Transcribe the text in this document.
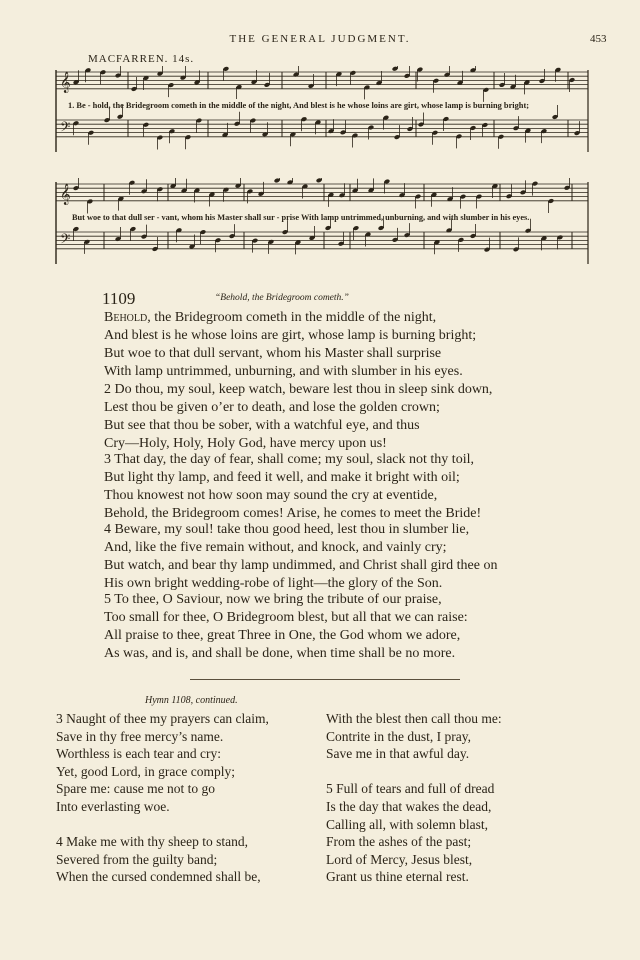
THE GENERAL JUDGMENT.	453
MACFARREN. 14s.
𝄞
𝄢
1. Be - hold, the Bridegroom cometh in the middle of the night, And blest is he whose loins are girt, whose lamp is burning bright;
𝄞
𝄢
But woe to that dull ser - vant, whom his Master shall sur - prise With lamp untrimmed, unburning, and with slumber in his eyes.
1109	“Behold, the Bridegroom cometh.”
Behold, the Bridegroom cometh in the middle of the night,
And blest is he whose loins are girt, whose lamp is burning bright;
But woe to that dull servant, whom his Master shall surprise
With lamp untrimmed, unburning, and with slumber in his eyes.
2 Do thou, my soul, keep watch, beware lest thou in sleep sink down,
Lest thou be given o’er to death, and lose the golden crown;
But see that thou be sober, with a watchful eye, and thus
Cry—Holy, Holy, Holy God, have mercy upon us!
3 That day, the day of fear, shall come; my soul, slack not thy toil,
But light thy lamp, and feed it well, and make it bright with oil;
Thou knowest not how soon may sound the cry at eventide,
Behold, the Bridegroom comes! Arise, he comes to meet the Bride!
4 Beware, my soul! take thou good heed, lest thou in slumber lie,
And, like the five remain without, and knock, and vainly cry;
But watch, and bear thy lamp undimmed, and Christ shall gird thee on
His own bright wedding-robe of light—the glory of the Son.
5 To thee, O Saviour, now we bring the tribute of our praise,
Too small for thee, O Bridegroom blest, but all that we can raise:
All praise to thee, great Three in One, the God whom we adore,
As was, and is, and shall be done, when time shall be no more.
Hymn 1108, continued.
3 Naught of thee my prayers can claim,
Save in thy free mercy’s name.
Worthless is each tear and cry:
Yet, good Lord, in grace comply;
Spare me: cause me not to go
Into everlasting woe.
4 Make me with thy sheep to stand,
Severed from the guilty band;
When the cursed condemned shall be,
With the blest then call thou me:
Contrite in the dust, I pray,
Save me in that awful day.
5 Full of tears and full of dread
Is the day that wakes the dead,
Calling all, with solemn blast,
From the ashes of the past;
Lord of Mercy, Jesus blest,
Grant us thine eternal rest.
